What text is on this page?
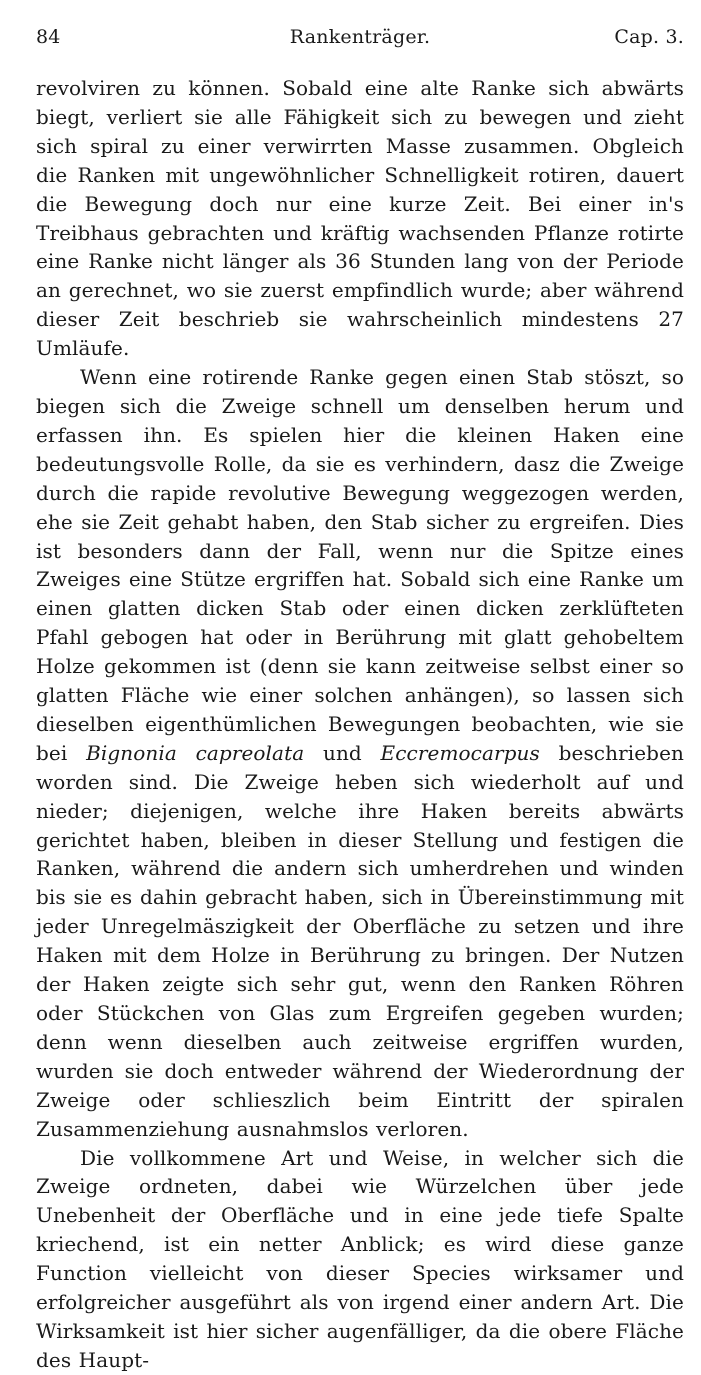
84	Rankenträger.	Cap. 3.

revolviren zu können. Sobald eine alte Ranke sich abwärts biegt, verliert sie alle Fähigkeit sich zu bewegen und zieht sich spiral zu einer verwirrten Masse zusammen. Obgleich die Ranken mit ungewöhnlicher Schnelligkeit rotiren, dauert die Bewegung doch nur eine kurze Zeit. Bei einer in's Treibhaus gebrachten und kräftig wachsenden Pflanze rotirte eine Ranke nicht länger als 36 Stunden lang von der Periode an gerechnet, wo sie zuerst empfindlich wurde; aber während dieser Zeit beschrieb sie wahrscheinlich mindestens 27 Umläufe.

Wenn eine rotirende Ranke gegen einen Stab stöszt, so biegen sich die Zweige schnell um denselben herum und erfassen ihn. Es spielen hier die kleinen Haken eine bedeutungsvolle Rolle, da sie es verhindern, dasz die Zweige durch die rapide revolutive Bewegung weggezogen werden, ehe sie Zeit gehabt haben, den Stab sicher zu ergreifen. Dies ist besonders dann der Fall, wenn nur die Spitze eines Zweiges eine Stütze ergriffen hat. Sobald sich eine Ranke um einen glatten dicken Stab oder einen dicken zerklüfteten Pfahl gebogen hat oder in Berührung mit glatt gehobeltem Holze gekommen ist (denn sie kann zeitweise selbst einer so glatten Fläche wie einer solchen anhängen), so lassen sich dieselben eigenthümlichen Bewegungen beobachten, wie sie bei Bignonia capreolata und Eccremocarpus beschrieben worden sind. Die Zweige heben sich wiederholt auf und nieder; diejenigen, welche ihre Haken bereits abwärts gerichtet haben, bleiben in dieser Stellung und festigen die Ranken, während die andern sich umherdrehen und winden bis sie es dahin gebracht haben, sich in Übereinstimmung mit jeder Unregelmäszigkeit der Oberfläche zu setzen und ihre Haken mit dem Holze in Berührung zu bringen. Der Nutzen der Haken zeigte sich sehr gut, wenn den Ranken Röhren oder Stückchen von Glas zum Ergreifen gegeben wurden; denn wenn dieselben auch zeitweise ergriffen wurden, wurden sie doch entweder während der Wiederordnung der Zweige oder schlieszlich beim Eintritt der spiralen Zusammenziehung ausnahmslos verloren.

Die vollkommene Art und Weise, in welcher sich die Zweige ordneten, dabei wie Würzelchen über jede Unebenheit der Oberfläche und in eine jede tiefe Spalte kriechend, ist ein netter Anblick; es wird diese ganze Function vielleicht von dieser Species wirksamer und erfolgreicher ausgeführt als von irgend einer andern Art. Die Wirksamkeit ist hier sicher augenfälliger, da die obere Fläche des Haupt-
